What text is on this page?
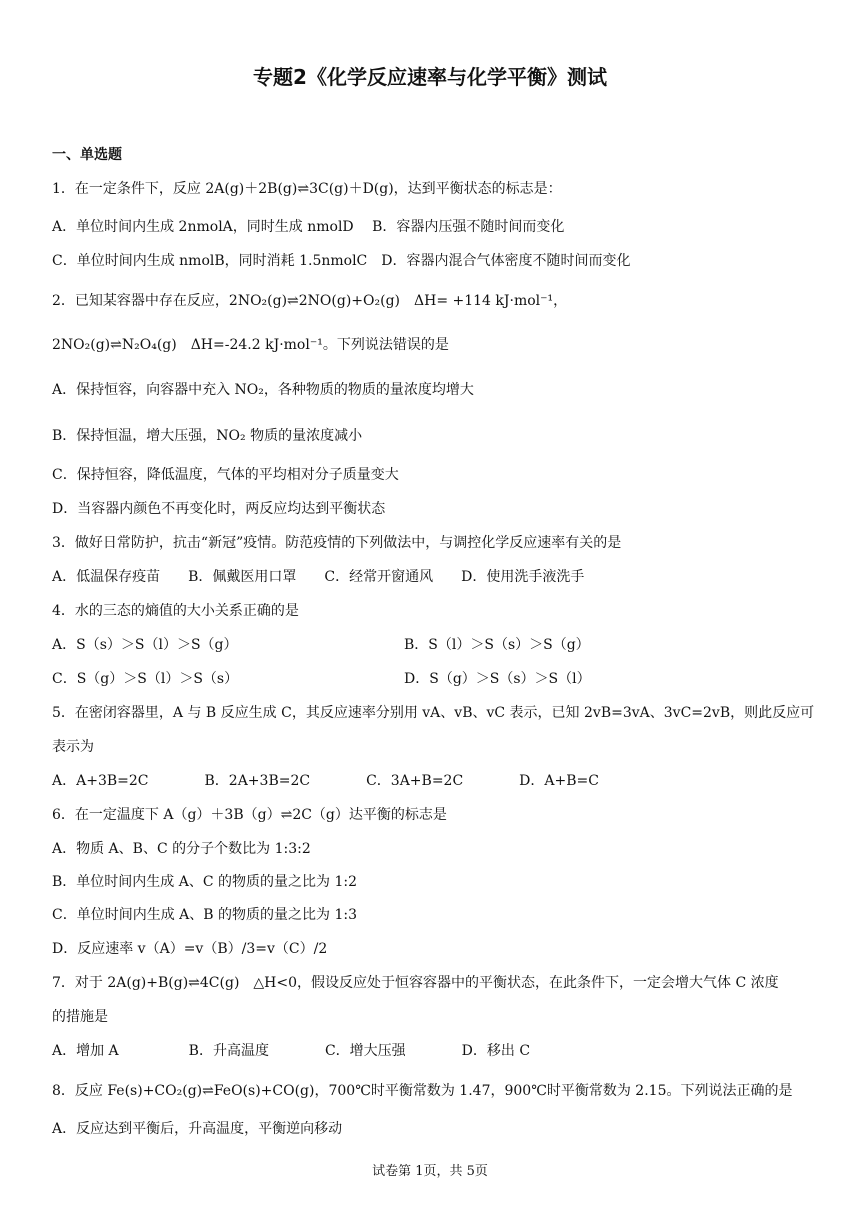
专题2《化学反应速率与化学平衡》测试
一、单选题
1．在一定条件下，反应 2A(g)＋2B(g)⇌3C(g)＋D(g)，达到平衡状态的标志是：
A．单位时间内生成 2nmolA，同时生成 nmolD　 B．容器内压强不随时间而变化
C．单位时间内生成 nmolB，同时消耗 1.5nmolC　D．容器内混合气体密度不随时间而变化
2．已知某容器中存在反应，2NO₂(g)⇌2NO(g)+O₂(g)　ΔH= +114 kJ·mol⁻¹，
2NO₂(g)⇌N₂O₄(g)　ΔH=-24.2 kJ·mol⁻¹。下列说法错误的是
A．保持恒容，向容器中充入 NO₂，各种物质的物质的量浓度均增大
B．保持恒温，增大压强，NO₂ 物质的量浓度减小
C．保持恒容，降低温度，气体的平均相对分子质量变大
D．当容器内颜色不再变化时，两反应均达到平衡状态
3．做好日常防护，抗击“新冠”疫情。防范疫情的下列做法中，与调控化学反应速率有关的是
A．低温保存疫苗　　B．佩戴医用口罩　　C．经常开窗通风　　D．使用洗手液洗手
4．水的三态的熵值的大小关系正确的是
A．S（s）＞S（l）＞S（g）	B．S（l）＞S（s）＞S（g）
C．S（g）＞S（l）＞S（s）	D．S（g）＞S（s）＞S（l）
5．在密闭容器里，A 与 B 反应生成 C，其反应速率分别用 vA、vB、vC 表示，已知 2vB=3vA、3vC=2vB，则此反应可
表示为
A．A+3B=2C　　　　B．2A+3B=2C　　　　C．3A+B=2C　　　　D．A+B=C
6．在一定温度下 A（g）＋3B（g）⇌2C（g）达平衡的标志是
A．物质 A、B、C 的分子个数比为 1:3:2
B．单位时间内生成 A、C 的物质的量之比为 1:2
C．单位时间内生成 A、B 的物质的量之比为 1:3
D．反应速率 v（A）=v（B）/3=v（C）/2
7．对于 2A(g)+B(g)⇌4C(g)　△H<0，假设反应处于恒容容器中的平衡状态，在此条件下，一定会增大气体 C 浓度
的措施是
A．增加 A　　　　　B．升高温度　　　　C．增大压强　　　　D．移出 C
8．反应 Fe(s)+CO₂(g)⇌FeO(s)+CO(g)，700℃时平衡常数为 1.47，900℃时平衡常数为 2.15。下列说法正确的是
A．反应达到平衡后，升高温度，平衡逆向移动
试卷第 1页，共 5页
